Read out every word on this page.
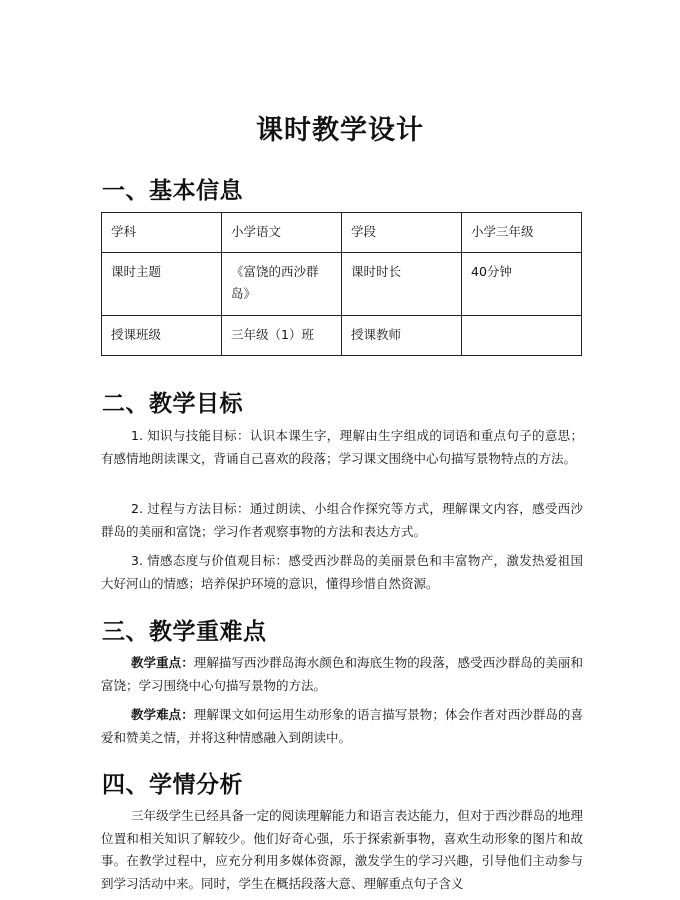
课时教学设计
一、基本信息
学科	小学语文	学段	小学三年级
课时主题	《富饶的西沙群岛》	课时时长	40分钟
授课班级	三年级（1）班	授课教师	
二、教学目标

1. 知识与技能目标：认识本课生字，理解由生字组成的词语和重点句子的意思；有感情地朗读课文，背诵自己喜欢的段落；学习课文围绕中心句描写景物特点的方法。

2. 过程与方法目标：通过朗读、小组合作探究等方式，理解课文内容，感受西沙群岛的美丽和富饶；学习作者观察事物的方法和表达方式。

3. 情感态度与价值观目标：感受西沙群岛的美丽景色和丰富物产，激发热爱祖国大好河山的情感；培养保护环境的意识，懂得珍惜自然资源。

三、教学重难点

教学重点：理解描写西沙群岛海水颜色和海底生物的段落，感受西沙群岛的美丽和富饶；学习围绕中心句描写景物的方法。

教学难点：理解课文如何运用生动形象的语言描写景物；体会作者对西沙群岛的喜爱和赞美之情，并将这种情感融入到朗读中。

四、学情分析

三年级学生已经具备一定的阅读理解能力和语言表达能力，但对于西沙群岛的地理位置和相关知识了解较少。他们好奇心强，乐于探索新事物，喜欢生动形象的图片和故事。在教学过程中，应充分利用多媒体资源，激发学生的学习兴趣，引导他们主动参与到学习活动中来。同时，学生在概括段落大意、理解重点句子含义
